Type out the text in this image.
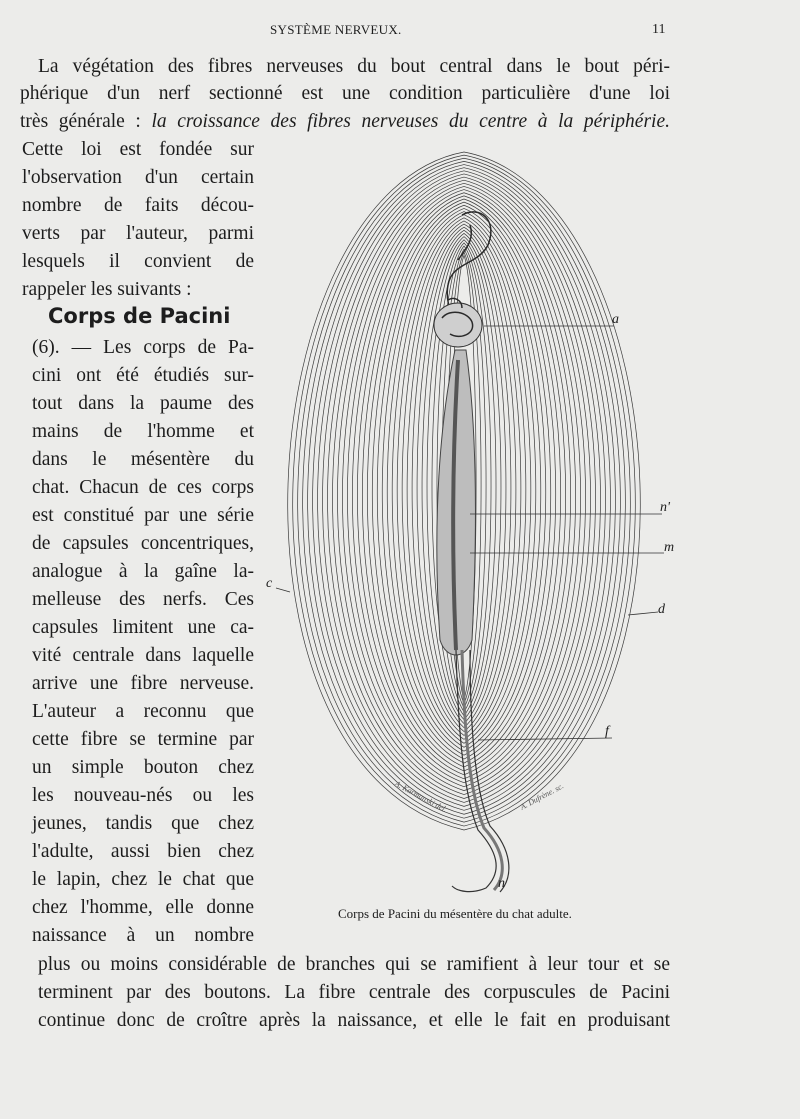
SYSTÈME NERVEUX.	11
La végétation des fibres nerveuses du bout central dans le bout péri-
phérique d'un nerf sectionné est une condition particulière d'une loi
très générale : la croissance des fibres nerveuses du centre à la périphérie.
Cette loi est fondée sur
l'observation d'un certain
nombre de faits décou-
verts par l'auteur, parmi
lesquels il convient de
rappeler les suivants :
Corps de Pacini
(6). — Les corps de Pa-
cini ont été étudiés sur-
tout dans la paume des
mains de l'homme et
dans le mésentère du
chat. Chacun de ces corps
est constitué par une série
de capsules concentriques,
analogue à la gaîne la-
melleuse des nerfs. Ces
capsules limitent une ca-
vité centrale dans laquelle
arrive une fibre nerveuse.
L'auteur a reconnu que
cette fibre se termine par
un simple bouton chez
les nouveau-nés ou les
jeunes, tandis que chez
l'adulte, aussi bien chez
le lapin, chez le chat que
chez l'homme, elle donne
naissance à un nombre
plus ou moins considérable de branches qui se ramifient à leur tour et se
terminent par des boutons. La fibre centrale des corpuscules de Pacini
continue donc de croître après la naissance, et elle le fait en produisant
a
n'
m
c
d
f
n
A. Karmanski del.	A. Dufrène. sc.
Corps de Pacini du mésentère du chat adulte.
